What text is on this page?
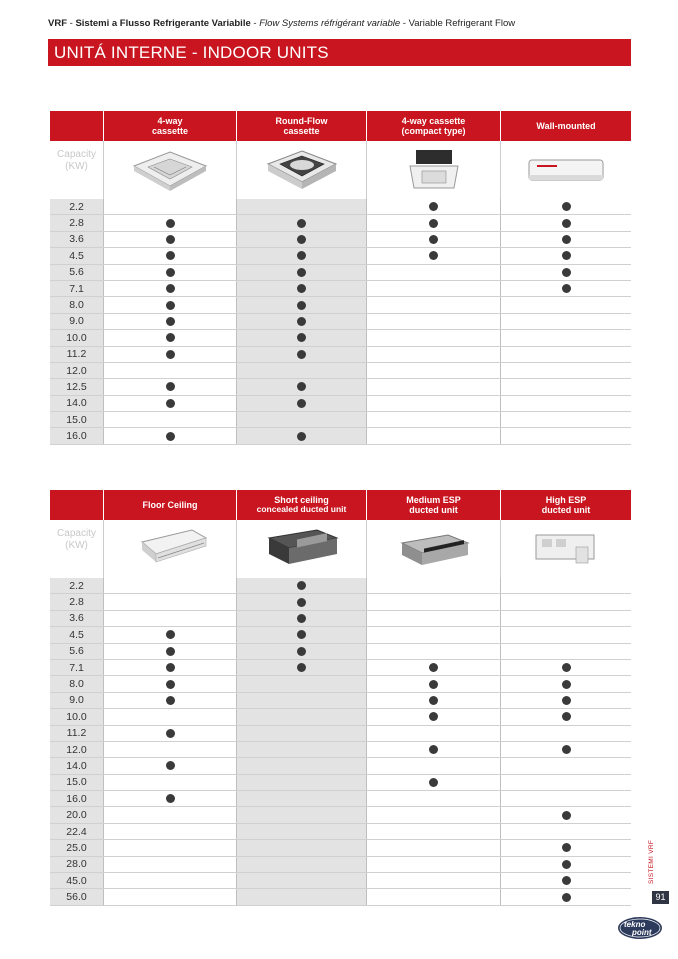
VRF - Sistemi a Flusso Refrigerante Variabile - Flow Systems réfrigérant variable - Variable Refrigerant Flow
UNITÁ INTERNE - INDOOR UNITS
4-way
cassette
Round-Flow
cassette
4-way cassette
(compact type)
Wall-mounted
Capacity
(KW)
2.2
2.8
3.6
4.5
5.6
7.1
8.0
9.0
10.0
11.2
12.0
12.5
14.0
15.0
16.0
Floor Ceiling	Short ceiling
concealed ducted unit
Medium ESP
ducted unit
High ESP
ducted unit
Capacity
(KW)
2.2
2.8
3.6
4.5
5.6
7.1
8.0
9.0
10.0
11.2
12.0
14.0
15.0
16.0
20.0
22.4
25.0
28.0
45.0
56.0
SISTEMI VRF
91
tekno
point
